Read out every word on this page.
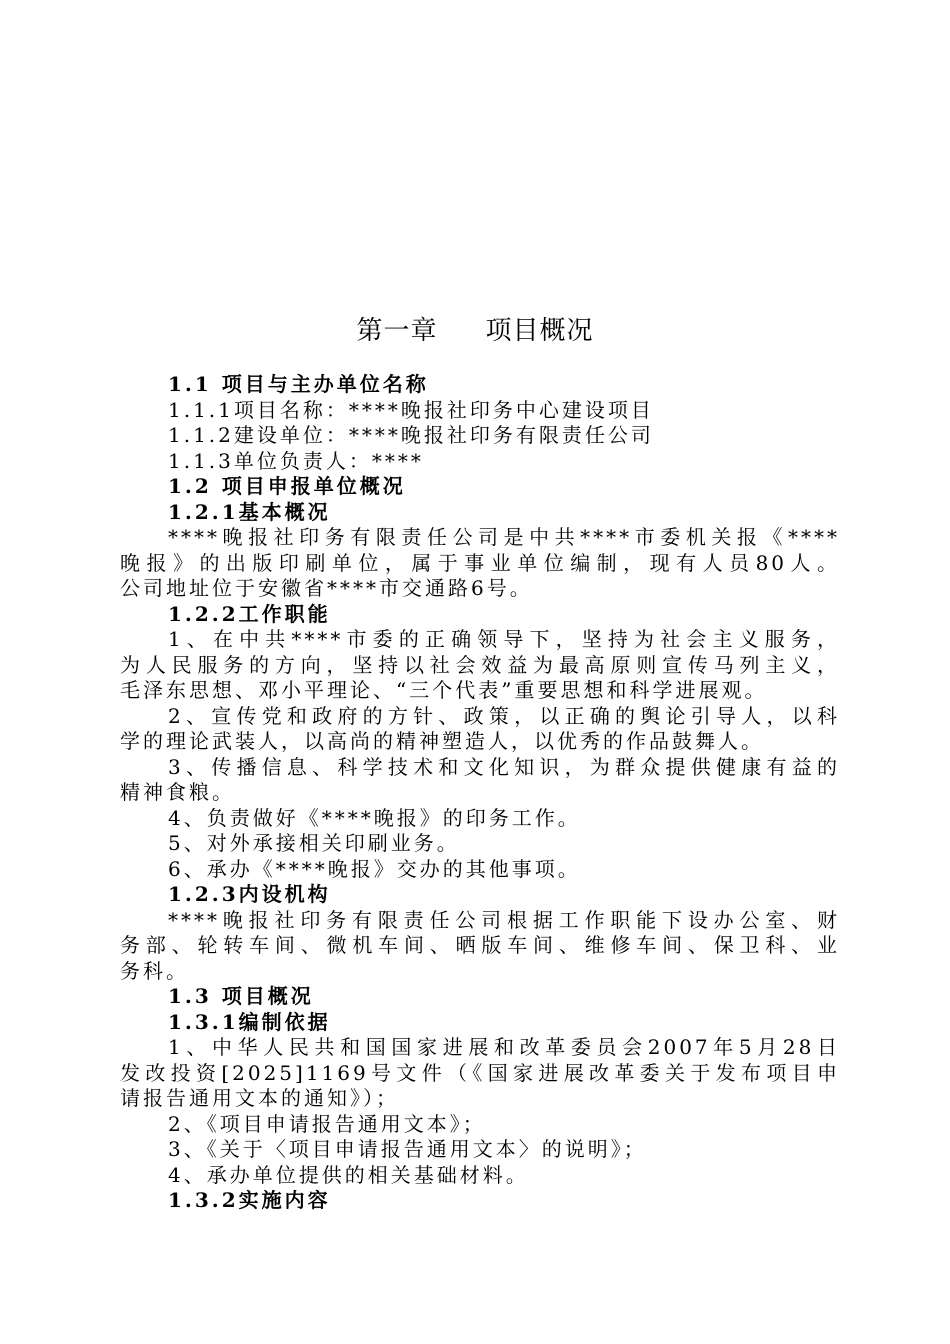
第一章 项目概况
1.1 项目与主办单位名称
1.1.1项目名称：****晚报社印务中心建设项目
1.1.2建设单位：****晚报社印务有限责任公司
1.1.3单位负责人：****
1.2 项目申报单位概况
1.2.1基本概况
****晚报社印务有限责任公司是中共****市委机关报《****
晚报》的出版印刷单位，属于事业单位编制，现有人员80人。
公司地址位于安徽省****市交通路6号。
1.2.2工作职能
1、在中共****市委的正确领导下，坚持为社会主义服务，
为人民服务的方向，坚持以社会效益为最高原则宣传马列主义，
毛泽东思想、邓小平理论、“三个代表”重要思想和科学进展观。
2、宣传党和政府的方针、政策，以正确的舆论引导人，以科
学的理论武装人，以高尚的精神塑造人，以优秀的作品鼓舞人。
3、传播信息、科学技术和文化知识，为群众提供健康有益的
精神食粮。
4、负责做好《****晚报》的印务工作。
5、对外承接相关印刷业务。
6、承办《****晚报》交办的其他事项。
1.2.3内设机构
****晚报社印务有限责任公司根据工作职能下设办公室、财
务部、轮转车间、微机车间、晒版车间、维修车间、保卫科、业
务科。
1.3 项目概况
1.3.1编制依据
1、中华人民共和国国家进展和改革委员会2007年5月28日
发改投资[2025]1169号文件（《国家进展改革委关于发布项目申
请报告通用文本的通知》）；
2、《项目申请报告通用文本》；
3、《关于〈项目申请报告通用文本〉的说明》；
4、承办单位提供的相关基础材料。
1.3.2实施内容
